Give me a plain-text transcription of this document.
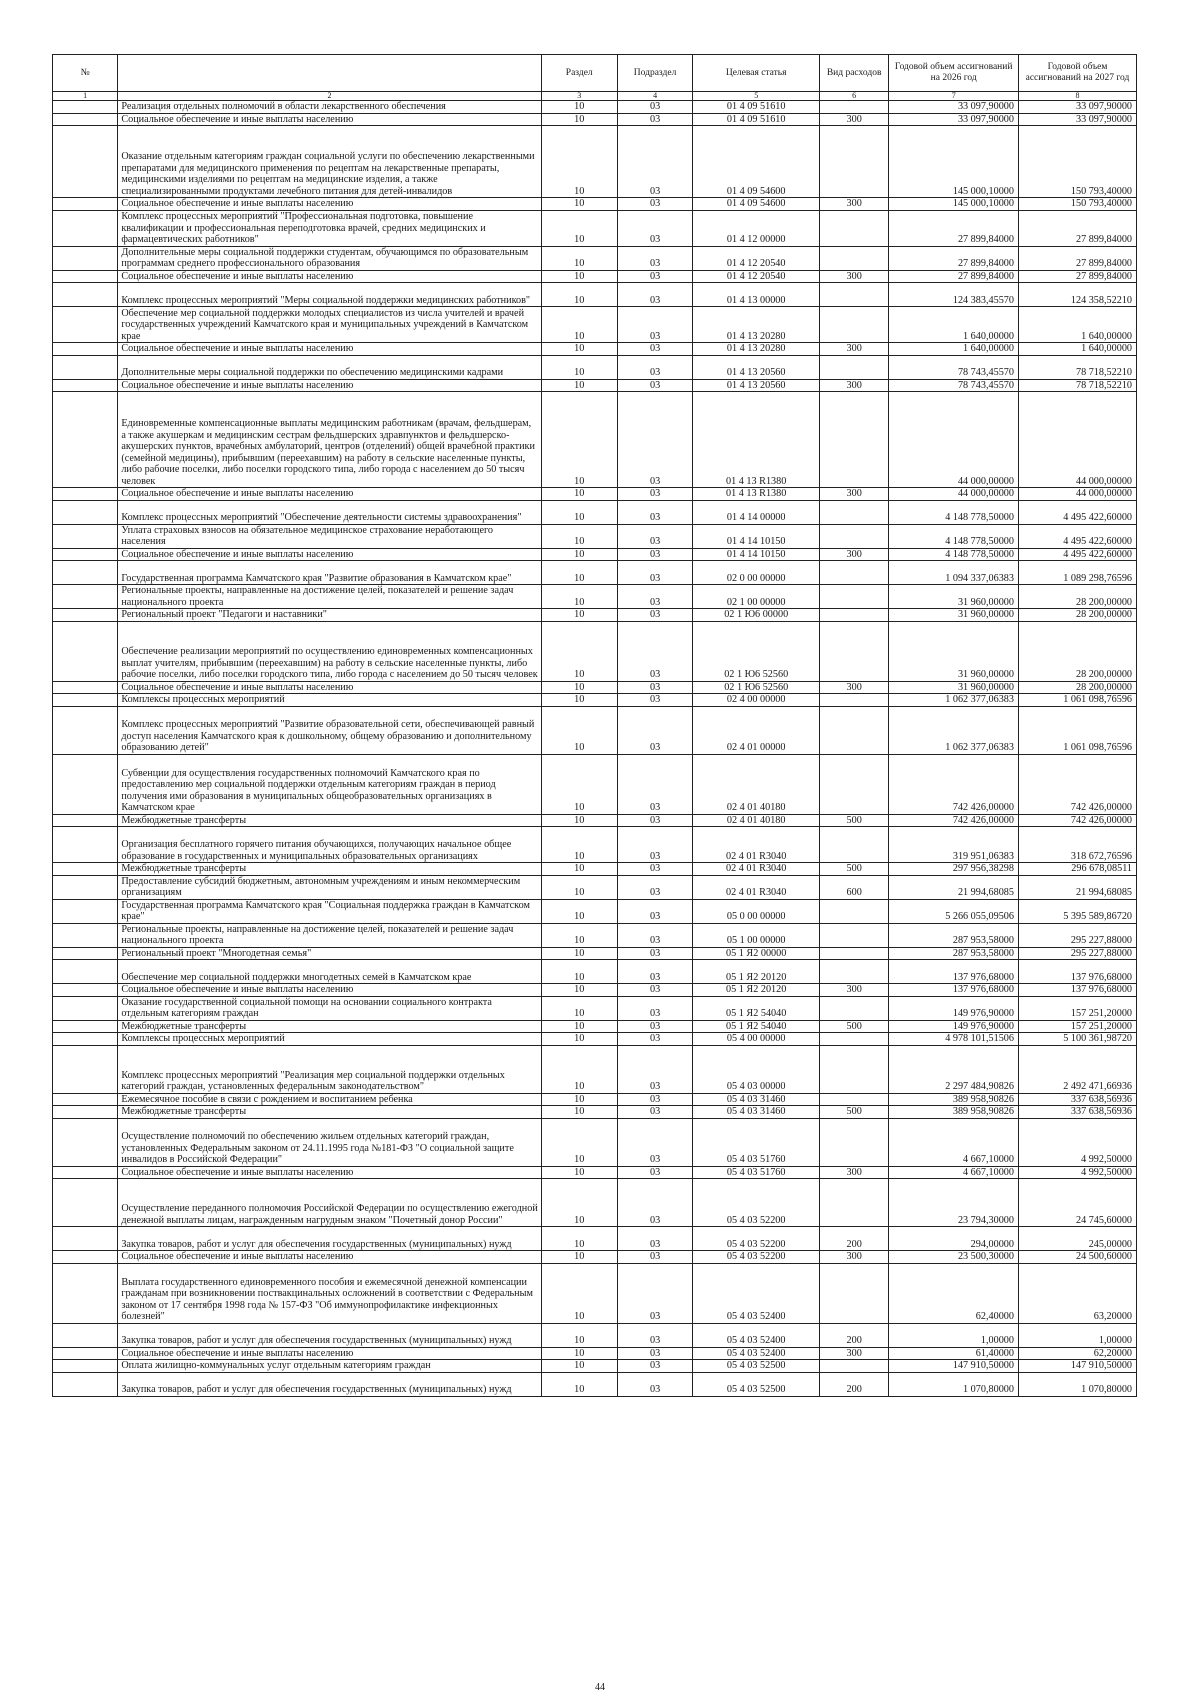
№		Раздел	Подраздел	Целевая статья	Вид расходов	Годовой объем ассигнований на 2026 год	Годовой объем ассигнований на 2027 год
1	2	3	4	5	6	7	8
	Реализация отдельных полномочий в области лекарственного обеспечения	10	03	01 4 09 51610		33 097,90000	33 097,90000
	Социальное обеспечение и иные выплаты населению	10	03	01 4 09 51610	300	33 097,90000	33 097,90000
	Оказание отдельным категориям граждан социальной услуги по обеспечению лекарственными препаратами для медицинского применения по рецептам на лекарственные препараты, медицинскими изделиями по рецептам на медицинские изделия, а также специализированными продуктами лечебного питания для детей-инвалидов	10	03	01 4 09 54600		145 000,10000	150 793,40000
	Социальное обеспечение и иные выплаты населению	10	03	01 4 09 54600	300	145 000,10000	150 793,40000
	Комплекс процессных мероприятий "Профессиональная подготовка, повышение квалификации и профессиональная переподготовка врачей, средних медицинских и фармацевтических работников"	10	03	01 4 12 00000		27 899,84000	27 899,84000
	Дополнительные меры социальной поддержки студентам, обучающимся по образовательным программам среднего профессионального образования	10	03	01 4 12 20540		27 899,84000	27 899,84000
	Социальное обеспечение и иные выплаты населению	10	03	01 4 12 20540	300	27 899,84000	27 899,84000
	Комплекс процессных мероприятий "Меры социальной поддержки медицинских работников"	10	03	01 4 13 00000		124 383,45570	124 358,52210
	Обеспечение мер социальной поддержки молодых специалистов из числа учителей и врачей государственных учреждений Камчатского края и муниципальных учреждений в Камчатском крае	10	03	01 4 13 20280		1 640,00000	1 640,00000
	Социальное обеспечение и иные выплаты населению	10	03	01 4 13 20280	300	1 640,00000	1 640,00000
	Дополнительные меры социальной поддержки по обеспечению медицинскими кадрами	10	03	01 4 13 20560		78 743,45570	78 718,52210
	Социальное обеспечение и иные выплаты населению	10	03	01 4 13 20560	300	78 743,45570	78 718,52210
	Единовременные компенсационные выплаты медицинским работникам (врачам, фельдшерам, а также акушеркам и медицинским сестрам фельдшерских здравпунктов и фельдшерско-акушерских пунктов, врачебных амбулаторий, центров (отделений) общей врачебной практики (семейной медицины), прибывшим (переехавшим) на работу в сельские населенные пункты, либо рабочие поселки, либо поселки городского типа, либо города с населением до 50 тысяч человек	10	03	01 4 13 R1380		44 000,00000	44 000,00000
	Социальное обеспечение и иные выплаты населению	10	03	01 4 13 R1380	300	44 000,00000	44 000,00000
	Комплекс процессных мероприятий "Обеспечение деятельности системы здравоохранения"	10	03	01 4 14 00000		4 148 778,50000	4 495 422,60000
	Уплата страховых взносов на обязательное медицинское страхование неработающего населения	10	03	01 4 14 10150		4 148 778,50000	4 495 422,60000
	Социальное обеспечение и иные выплаты населению	10	03	01 4 14 10150	300	4 148 778,50000	4 495 422,60000
	Государственная программа Камчатского края "Развитие образования в Камчатском крае"	10	03	02 0 00 00000		1 094 337,06383	1 089 298,76596
	Региональные проекты, направленные на достижение целей, показателей и решение задач национального проекта	10	03	02 1 00 00000		31 960,00000	28 200,00000
	Региональный проект "Педагоги и наставники"	10	03	02 1 Ю6 00000		31 960,00000	28 200,00000
	Обеспечение реализации мероприятий по осуществлению единовременных компенсационных выплат учителям, прибывшим (переехавшим) на работу в сельские населенные пункты, либо рабочие поселки, либо поселки городского типа, либо города с населением до 50 тысяч человек	10	03	02 1 Ю6 52560		31 960,00000	28 200,00000
	Социальное обеспечение и иные выплаты населению	10	03	02 1 Ю6 52560	300	31 960,00000	28 200,00000
	Комплексы процессных мероприятий	10	03	02 4 00 00000		1 062 377,06383	1 061 098,76596
	Комплекс процессных мероприятий "Развитие образовательной сети, обеспечивающей равный доступ населения Камчатского края к дошкольному, общему образованию и дополнительному образованию детей"	10	03	02 4 01 00000		1 062 377,06383	1 061 098,76596
	Субвенции для осуществления государственных полномочий Камчатского края по предоставлению мер социальной поддержки отдельным категориям граждан в период получения ими образования в муниципальных общеобразовательных организациях в Камчатском крае	10	03	02 4 01 40180		742 426,00000	742 426,00000
	Межбюджетные трансферты	10	03	02 4 01 40180	500	742 426,00000	742 426,00000
	Организация бесплатного горячего питания обучающихся, получающих начальное общее образование в государственных и муниципальных образовательных организациях	10	03	02 4 01 R3040		319 951,06383	318 672,76596
	Межбюджетные трансферты	10	03	02 4 01 R3040	500	297 956,38298	296 678,08511
	Предоставление субсидий бюджетным, автономным учреждениям и иным некоммерческим организациям	10	03	02 4 01 R3040	600	21 994,68085	21 994,68085
	Государственная программа Камчатского края "Социальная поддержка граждан в Камчатском крае"	10	03	05 0 00 00000		5 266 055,09506	5 395 589,86720
	Региональные проекты, направленные на достижение целей, показателей и решение задач национального проекта	10	03	05 1 00 00000		287 953,58000	295 227,88000
	Региональный проект "Многодетная семья"	10	03	05 1 Я2 00000		287 953,58000	295 227,88000
	Обеспечение мер социальной поддержки многодетных семей в Камчатском крае	10	03	05 1 Я2 20120		137 976,68000	137 976,68000
	Социальное обеспечение и иные выплаты населению	10	03	05 1 Я2 20120	300	137 976,68000	137 976,68000
	Оказание государственной социальной помощи на основании социального контракта отдельным категориям граждан	10	03	05 1 Я2 54040		149 976,90000	157 251,20000
	Межбюджетные трансферты	10	03	05 1 Я2 54040	500	149 976,90000	157 251,20000
	Комплексы процессных мероприятий	10	03	05 4 00 00000		4 978 101,51506	5 100 361,98720
	Комплекс процессных мероприятий "Реализация мер социальной поддержки отдельных категорий граждан, установленных федеральным законодательством"	10	03	05 4 03 00000		2 297 484,90826	2 492 471,66936
	Ежемесячное пособие в связи с рождением и воспитанием ребенка	10	03	05 4 03 31460		389 958,90826	337 638,56936
	Межбюджетные трансферты	10	03	05 4 03 31460	500	389 958,90826	337 638,56936
	Осуществление полномочий по обеспечению жильем отдельных категорий граждан, установленных Федеральным законом от 24.11.1995 года №181-ФЗ "О социальной защите инвалидов в Российской Федерации"	10	03	05 4 03 51760		4 667,10000	4 992,50000
	Социальное обеспечение и иные выплаты населению	10	03	05 4 03 51760	300	4 667,10000	4 992,50000
	Осуществление переданного полномочия Российской Федерации по осуществлению ежегодной денежной выплаты лицам, награжденным нагрудным знаком "Почетный донор России"	10	03	05 4 03 52200		23 794,30000	24 745,60000
	Закупка товаров, работ и услуг для обеспечения государственных (муниципальных) нужд	10	03	05 4 03 52200	200	294,00000	245,00000
	Социальное обеспечение и иные выплаты населению	10	03	05 4 03 52200	300	23 500,30000	24 500,60000
	Выплата государственного единовременного пособия и ежемесячной денежной компенсации гражданам при возникновении поствакцинальных осложнений в соответствии с Федеральным законом от 17 сентября 1998 года № 157-ФЗ "Об иммунопрофилактике инфекционных болезней"	10	03	05 4 03 52400		62,40000	63,20000
	Закупка товаров, работ и услуг для обеспечения государственных (муниципальных) нужд	10	03	05 4 03 52400	200	1,00000	1,00000
	Социальное обеспечение и иные выплаты населению	10	03	05 4 03 52400	300	61,40000	62,20000
	Оплата жилищно-коммунальных услуг отдельным категориям граждан	10	03	05 4 03 52500		147 910,50000	147 910,50000
	Закупка товаров, работ и услуг для обеспечения государственных (муниципальных) нужд	10	03	05 4 03 52500	200	1 070,80000	1 070,80000
44
